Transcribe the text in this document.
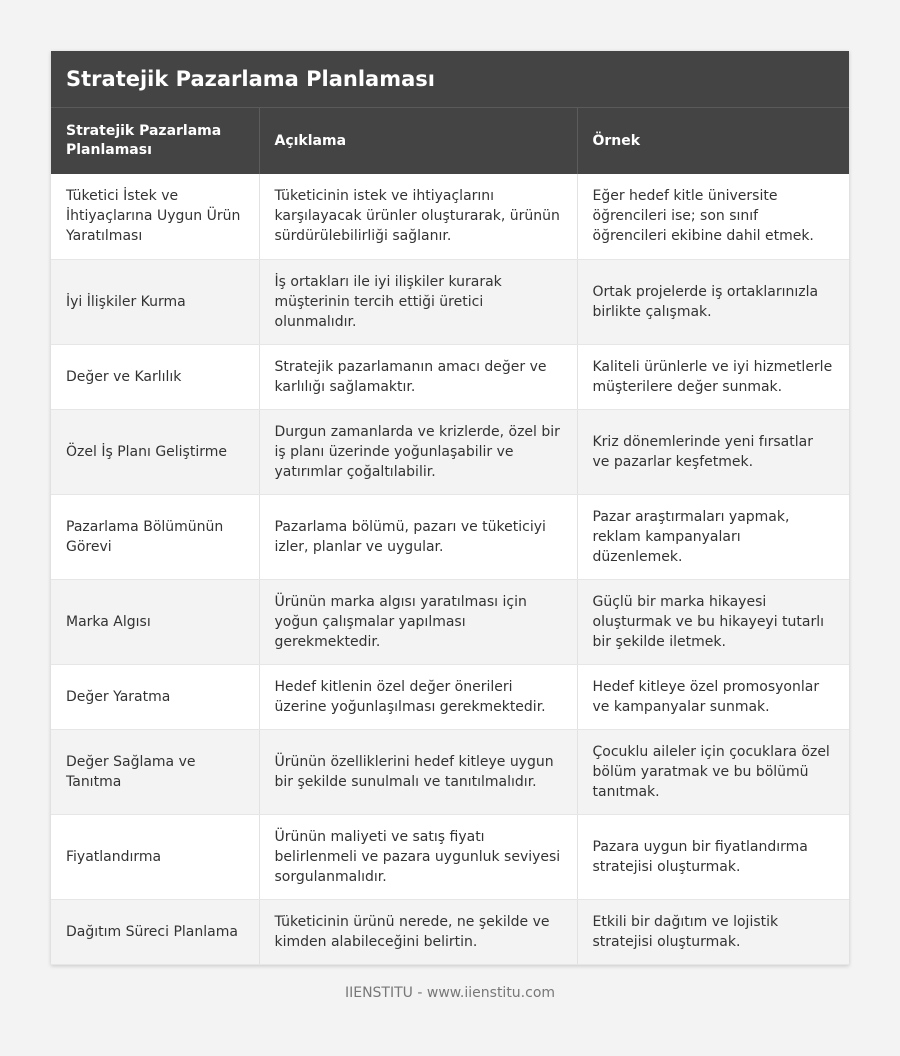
Stratejik Pazarlama Planlaması
Stratejik Pazarlama Planlaması	Açıklama	Örnek
Tüketici İstek ve İhtiyaçlarına Uygun Ürün Yaratılması	Tüketicinin istek ve ihtiyaçlarını karşılayacak ürünler oluşturarak, ürünün sürdürülebilirliği sağlanır.	Eğer hedef kitle üniversite öğrencileri ise; son sınıf öğrencileri ekibine dahil etmek.
İyi İlişkiler Kurma	İş ortakları ile iyi ilişkiler kurarak müşterinin tercih ettiği üretici olunmalıdır.	Ortak projelerde iş ortaklarınızla birlikte çalışmak.
Değer ve Karlılık	Stratejik pazarlamanın amacı değer ve karlılığı sağlamaktır.	Kaliteli ürünlerle ve iyi hizmetlerle müşterilere değer sunmak.
Özel İş Planı Geliştirme	Durgun zamanlarda ve krizlerde, özel bir iş planı üzerinde yoğunlaşabilir ve yatırımlar çoğaltılabilir.	Kriz dönemlerinde yeni fırsatlar ve pazarlar keşfetmek.
Pazarlama Bölümünün Görevi	Pazarlama bölümü, pazarı ve tüketiciyi izler, planlar ve uygular.	Pazar araştırmaları yapmak, reklam kampanyaları düzenlemek.
Marka Algısı	Ürünün marka algısı yaratılması için yoğun çalışmalar yapılması gerekmektedir.	Güçlü bir marka hikayesi oluşturmak ve bu hikayeyi tutarlı bir şekilde iletmek.
Değer Yaratma	Hedef kitlenin özel değer önerileri üzerine yoğunlaşılması gerekmektedir.	Hedef kitleye özel promosyonlar ve kampanyalar sunmak.
Değer Sağlama ve Tanıtma	Ürünün özelliklerini hedef kitleye uygun bir şekilde sunulmalı ve tanıtılmalıdır.	Çocuklu aileler için çocuklara özel bölüm yaratmak ve bu bölümü tanıtmak.
Fiyatlandırma	Ürünün maliyeti ve satış fiyatı belirlenmeli ve pazara uygunluk seviyesi sorgulanmalıdır.	Pazara uygun bir fiyatlandırma stratejisi oluşturmak.
Dağıtım Süreci Planlama	Tüketicinin ürünü nerede, ne şekilde ve kimden alabileceğini belirtin.	Etkili bir dağıtım ve lojistik stratejisi oluşturmak.
IIENSTITU - www.iienstitu.com
